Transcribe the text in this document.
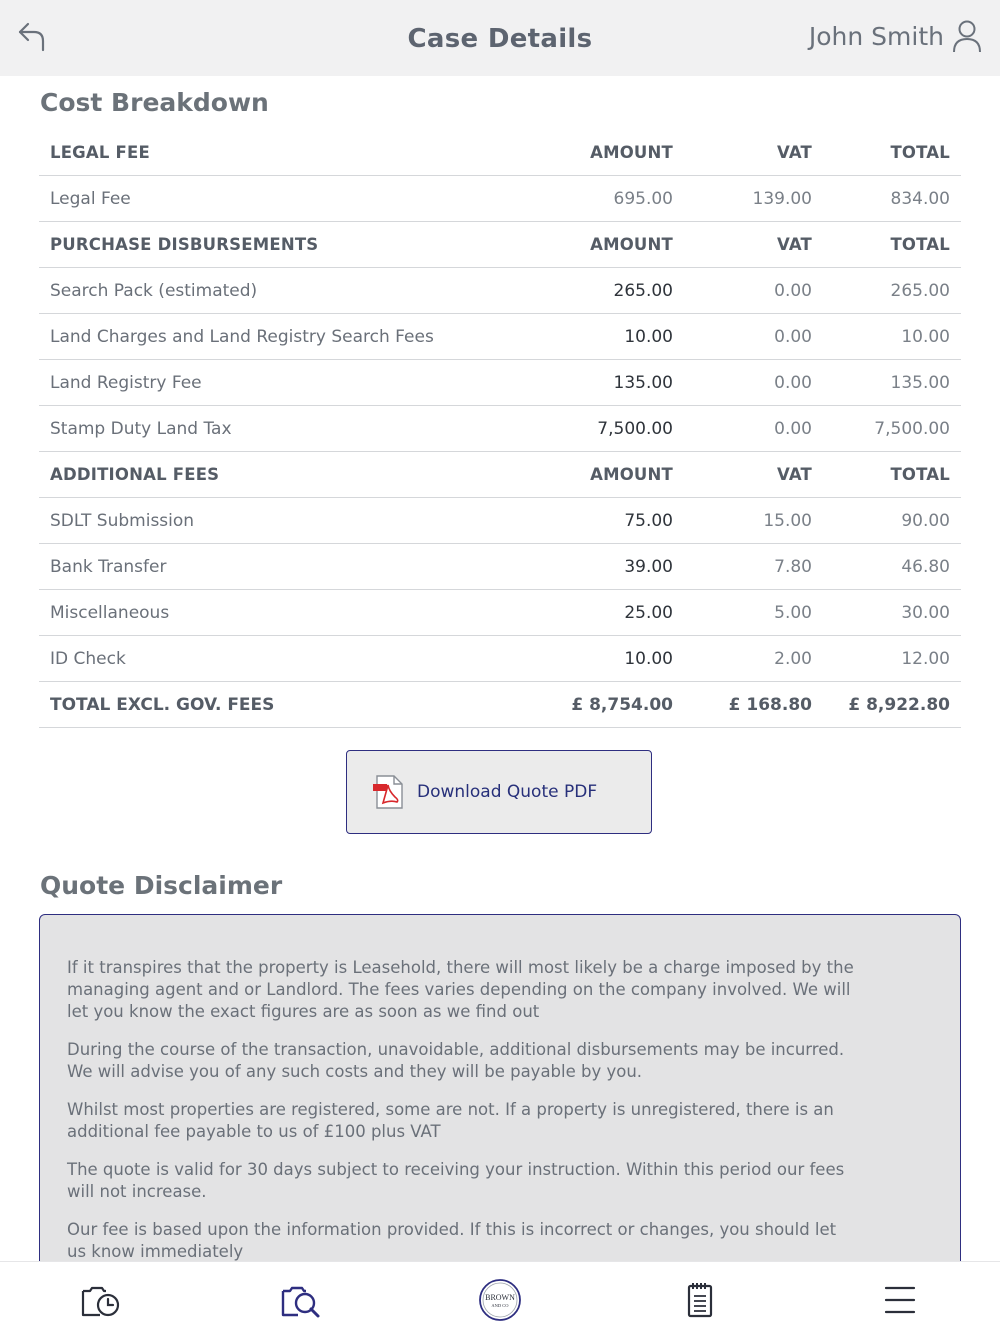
Case Details	John Smith
Cost Breakdown
LEGAL FEE	AMOUNT	VAT	TOTAL
Legal Fee	695.00	139.00	834.00
PURCHASE DISBURSEMENTS	AMOUNT	VAT	TOTAL
Search Pack (estimated)	265.00	0.00	265.00
Land Charges and Land Registry Search Fees	10.00	0.00	10.00
Land Registry Fee	135.00	0.00	135.00
Stamp Duty Land Tax	7,500.00	0.00	7,500.00
ADDITIONAL FEES	AMOUNT	VAT	TOTAL
SDLT Submission	75.00	15.00	90.00
Bank Transfer	39.00	7.80	46.80
Miscellaneous	25.00	5.00	30.00
ID Check	10.00	2.00	12.00
TOTAL EXCL. GOV. FEES	£ 8,754.00	£ 168.80	£ 8,922.80
Download Quote PDF
Quote Disclaimer

If it transpires that the property is Leasehold, there will most likely be a charge imposed by the managing agent and or Landlord. The fees varies depending on the company involved. We will let you know the exact figures are as soon as we find out

During the course of the transaction, unavoidable, additional disbursements may be incurred. We will advise you of any such costs and they will be payable by you.

Whilst most properties are registered, some are not. If a property is unregistered, there is an additional fee payable to us of £100 plus VAT

The quote is valid for 30 days subject to receiving your instruction. Within this period our fees will not increase.

Our fee is based upon the information provided. If this is incorrect or changes, you should let us know immediately

BROWN
AND CO
